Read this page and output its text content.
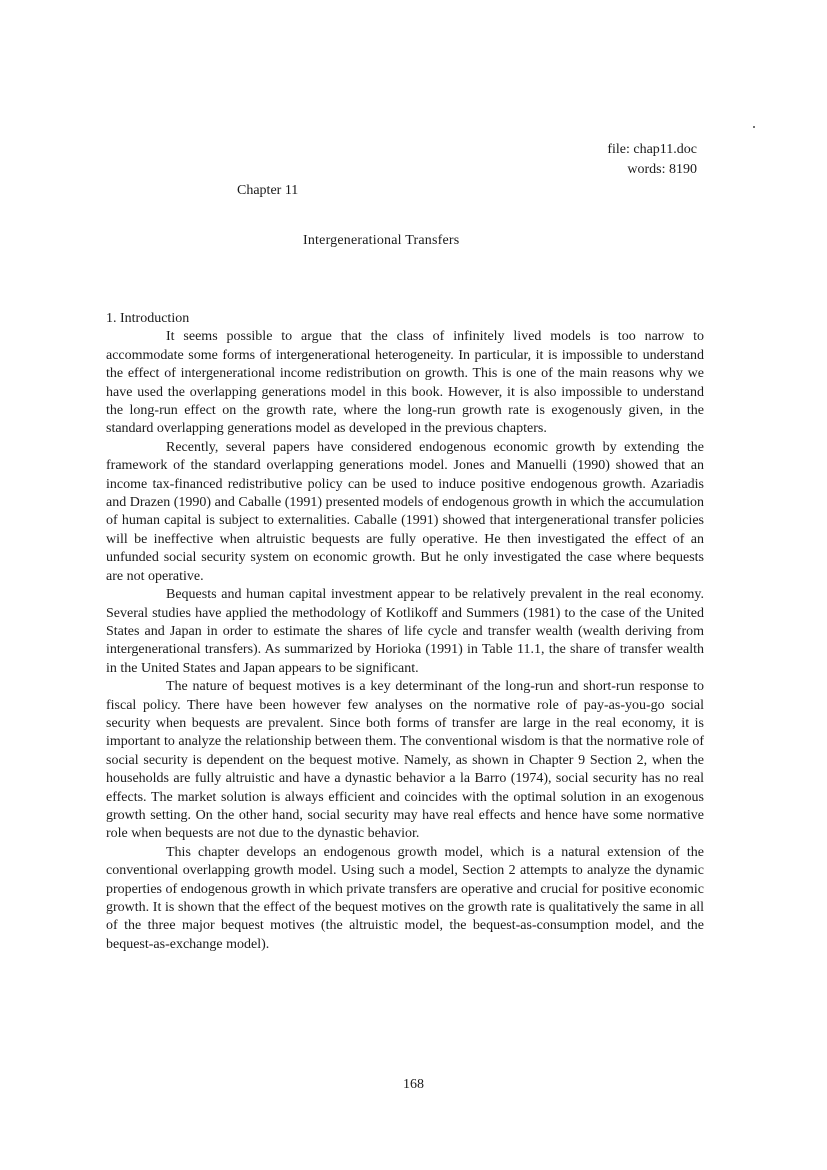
file: chap11.doc
words: 8190
Chapter 11
Intergenerational Transfers
1. Introduction

It seems possible to argue that the class of infinitely lived models is too narrow to accommodate some forms of intergenerational heterogeneity. In particular, it is impossible to understand the effect of intergenerational income redistribution on growth. This is one of the main reasons why we have used the overlapping generations model in this book. However, it is also impossible to understand the long-run effect on the growth rate, where the long-run growth rate is exogenously given, in the standard overlapping generations model as developed in the previous chapters.

Recently, several papers have considered endogenous economic growth by extending the framework of the standard overlapping generations model. Jones and Manuelli (1990) showed that an income tax-financed redistributive policy can be used to induce positive endogenous growth. Azariadis and Drazen (1990) and Caballe (1991) presented models of endogenous growth in which the accumulation of human capital is subject to externalities. Caballe (1991) showed that intergenerational transfer policies will be ineffective when altruistic bequests are fully operative. He then investigated the effect of an unfunded social security system on economic growth. But he only investigated the case where bequests are not operative.

Bequests and human capital investment appear to be relatively prevalent in the real economy. Several studies have applied the methodology of Kotlikoff and Summers (1981) to the case of the United States and Japan in order to estimate the shares of life cycle and transfer wealth (wealth deriving from intergenerational transfers). As summarized by Horioka (1991) in Table 11.1, the share of transfer wealth in the United States and Japan appears to be significant.

The nature of bequest motives is a key determinant of the long-run and short-run response to fiscal policy. There have been however few analyses on the normative role of pay-as-you-go social security when bequests are prevalent. Since both forms of transfer are large in the real economy, it is important to analyze the relationship between them. The conventional wisdom is that the normative role of social security is dependent on the bequest motive. Namely, as shown in Chapter 9 Section 2, when the households are fully altruistic and have a dynastic behavior a la Barro (1974), social security has no real effects. The market solution is always efficient and coincides with the optimal solution in an exogenous growth setting. On the other hand, social security may have real effects and hence have some normative role when bequests are not due to the dynastic behavior.

This chapter develops an endogenous growth model, which is a natural extension of the conventional overlapping growth model. Using such a model, Section 2 attempts to analyze the dynamic properties of endogenous growth in which private transfers are operative and crucial for positive economic growth. It is shown that the effect of the bequest motives on the growth rate is qualitatively the same in all of the three major bequest motives (the altruistic model, the bequest-as-consumption model, and the bequest-as-exchange model).

168
